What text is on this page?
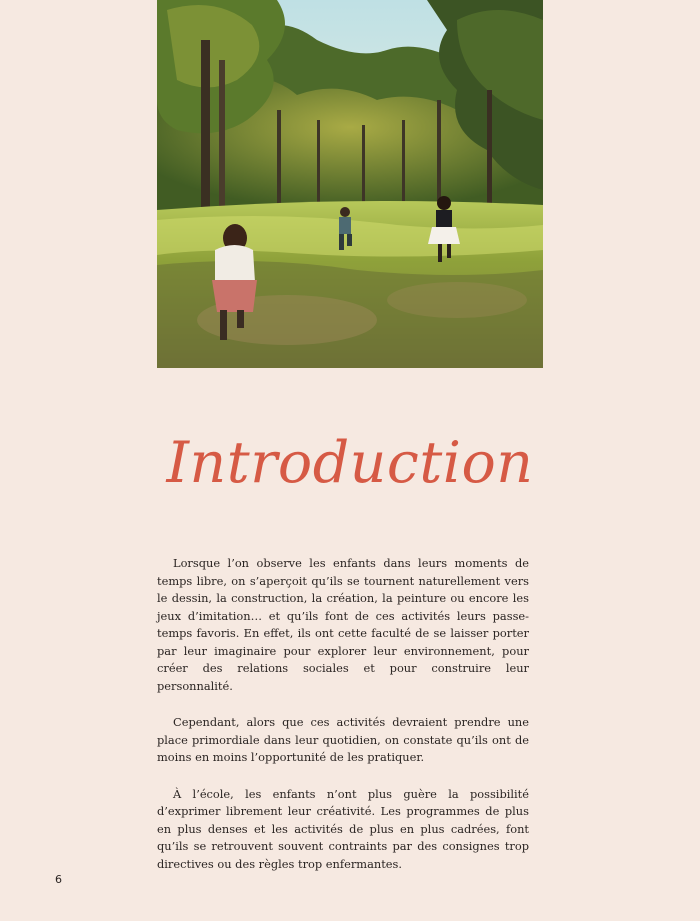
Introduction

Lorsque l’on observe les enfants dans leurs moments de temps libre, on s’aperçoit qu’ils se tournent naturellement vers le dessin, la construction, la création, la peinture ou encore les jeux d’imitation… et qu’ils font de ces activités leurs passe-temps favoris. En effet, ils ont cette faculté de se laisser porter par leur imaginaire pour explorer leur environnement, pour créer des relations sociales et pour construire leur personnalité.

Cependant, alors que ces activités devraient prendre une place primordiale dans leur quotidien, on constate qu’ils ont de moins en moins l’opportunité de les pratiquer.

À l’école, les enfants n’ont plus guère la possibilité d’exprimer librement leur créativité. Les programmes de plus en plus denses et les activités de plus en plus cadrées, font qu’ils se retrouvent souvent contraints par des consignes trop directives ou des règles trop enfermantes.

6
